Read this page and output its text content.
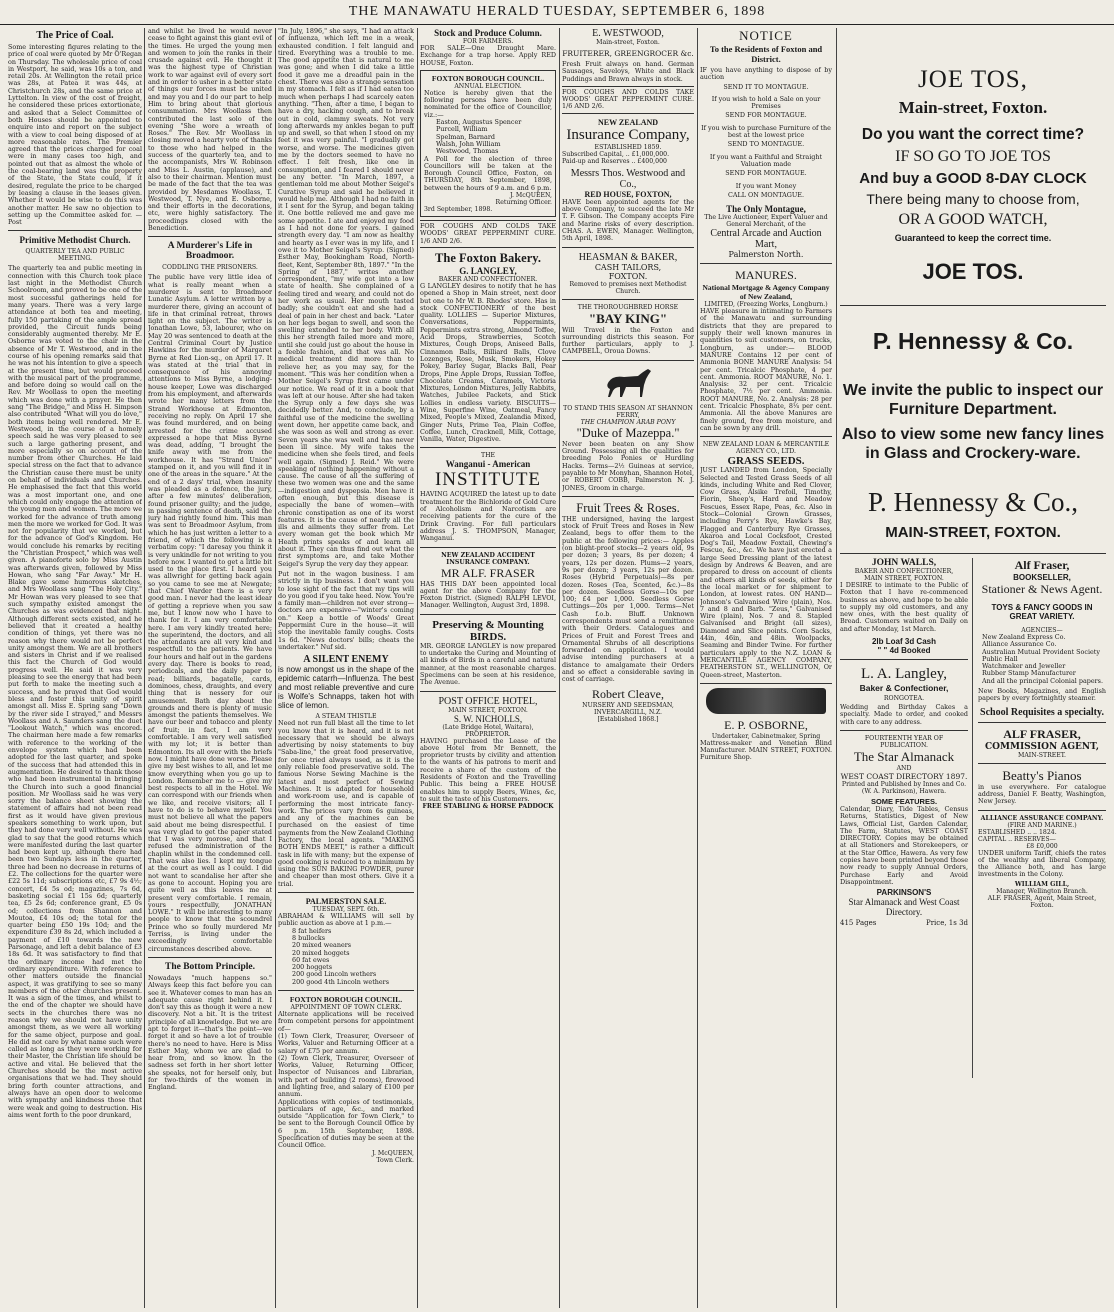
THE MANAWATU HERALD TUESDAY, SEPTEMBER 6, 1898
The Price of Coal.
Some interesting figures relating to the price of coal were quoted by Mr O'Regan on Thursday. The wholesale price of coal in Westport, he said, was 10s a ton, and retail 20s. At Wellington the retail price was 28s, at Patea it was 44s, at Christchurch 28s, and the same price at Lyttelton. In view of the cost of freight, he considered these prices extortionate, and asked that a Select Committee of both Houses should be appointed to enquire into and report on the subject with a view to coal being disposed of at more reasonable rates. The Premier agreed that the prices charged for coal were in many cases too high, and pointed out that as almost the whole of the coal-bearing land was the property of the State, the State could, if it desired, regulate the price to be charged by leasing a clause in the leases given. Whether it would be wise to do this was another matter. He saw no objection to setting up the Committee asked for. —Post
Primitive Methodist Church.
QUARTERLY TEA AND PUBLIC MEETING.
The quarterly tea and public meeting in connection with this Church took place last night in the Methodist Church Schoolroom, and proved to be one of the most successful gatherings held for many years. There was a very large attendance at both tea and meeting, fully 150 partaking of the ample spread provided, the Circuit funds being considerably augmented thereby. Mr E. Osborne was voted to the chair in the absence of Mr T. Westwood, and in the course of his opening remarks said that he was not his intention to give a speech at the present time, but would proceed with the musical part of the programme, and before doing so would call on the Rev. Mr Woollass to open the meeting which was done with a prayer. He then sang "The Bridge," and Miss H. Simpson also contributed "What will you do love," both items being well rendered. Mr E. Westwood, in the course of a homely speech said he was very pleased to see such a large gathering present, and more especially so on account of the number from other Churches. He laid special stress on the fact that to advance the Christian cause there must be unity on behalf of individuals and Churches. He emphasised the fact that this world was a most important one, and one which could only engage the attention of the young men and women. The more we worked for the advance of truth among men the more we worked for God. It was not for popularity that we worked, but for the advance of God's Kingdom. He would conclude his remarks by reciting the "Christian Prospect," which was well given. A pianoforte solo by Miss Austin was afterwards given, followed by Miss Howan, who sang "Far Away." Mr H. Blake gave some humorous sketches, and Mrs Woollass sang "The Holy City." Mr Howan was very pleased to see that such sympathy existed amongst the Churches as was evidenced that night. Although different sects existed, and he believed that it created a healthy condition of things, yet there was no reason why there would not be perfect unity amongst them. We are all brothers and sisters in Christ and if we realised this fact the Church of God would progress well. He said it was very pleasing to see the energy that had been put forth to make the meeting such a success, and he prayed that God would bless and foster this unity of spirit amongst all. Miss E. Spring sang "Down by the river side I strayed," and Messrs Woollass and A. Saunders sang the duet "Lookout Watch," which was encored. The chairman here made a few remarks with reference to the working of the envelope system which had been adopted for the last quarter, and spoke of the success that had attended this in augmentation. He desired to thank those who had been instrumental in bringing the Church into such a good financial position. Mr Woollass said he was very sorry the balance sheet showing the statement of affairs had not been read first as it would have given previous speakers something to work upon, but they had done very well without. He was glad to say that the good returns which were manifested during the last quarter had been kept up, although there had been two Sundays less in the quarter, three had been no decrease in returns of £2. The collections for the quarter were £22 5s 11d; subscriptions etc, £7 9s 4½; concert, £4 5s od; magazines, 7s 6d, basketing social £1 15s 6d; quarterly tea, £5 2s 6d; conference grant, £5 0s od; collections from Shannon and Moutoa, £4 10s od; the total for the quarter being £50 19s 10d; and the expenditure £39 8s 2d, which included a payment of £10 towards the new Parsonage, and left a debit balance of £3 18s 6d. It was satisfactory to find that the ordinary income had met the ordinary expenditure. With reference to other matters outside the financial aspect, it was gratifying to see so many members of the other churches present. It was a sign of the times, and whilst to the end of the chapter we should have sects in the churches there was no reason why we should not have unity amongst them, as we were all working for the same object, purpose and goal. He did not care by what name such were called as long as they were working for their Master, the Christian life should be active and vital. He believed that the Churches should be the most active organisations that we had. They should bring forth counter attractions, and always have an open door to welcome with sympathy and kindness those that were weak and going to destruction. His aims went forth to the poor drunkard,
and whilst he lived he would never cease to fight against this giant evil of the times. He urged the young men and women to join the ranks in their crusade against evil. He thought it was the highest type of Christian work to war against evil of every sort and in order to usher in a better state of things our forces must be united and may you and I do our part to help Him to bring about that glorious consummation. Mrs Woollass then contributed the last solo of the evening "She wore a wreath of Roses." The Rev. Mr Woollass in closing moved a hearty vote of thanks to those who had helped in the success of the quarterly tea, and to the accompanists, Mrs W. Robinson and Miss L. Austin, (applause), and also to their chairman. Mention must be made of the fact that the tea was provided by Mesdames Woollass, T. Westwood, T. Nye, and E. Osborne, and their efforts in the decorations, etc, were highly satisfactory. The proceedings closed with the Benediction.
A Murderer's Life in Broadmoor.
CODDLING THE PRISONERS.
The public have very little idea of what is really meant when a murderer is sent to Broadmoor Lunatic Asylum. A letter written by a murderer there, giving an account of life in that criminal retreat, throws light on the subject. The writer is Jonathan Lowe, 53, labourer, who on May 20 was sentenced to death at the Central Criminal Court by Justice Hawkins for the murder of Margaret Byrne at Red Lion-sq., on April 17. It was stated at the trial that in consequence of his annoying attentions to Miss Byrne, a lodging-house keeper, Lowe was discharged from his employment, and afterwards wrote her many letters from the Strand Workhouse at Edmonton, receiving no reply. On April 17 she was found murdered, and on being arrested for the crime accused expressed a hope that Miss Byrne was dead, adding, "I brought the knife away with me from the workhouse. It has "Strand Union" stamped on it, and you will find it in one of the areas in the square." At the end of a 2 days' trial, when insanity was pleaded as a defence, the jury, after a few minutes' deliberation, found prisoner guilty; and the judge, in passing sentence of death, said the jury had rightly found him. This man was sent to Broadmoor Asylum, from which he has just written a letter to a friend, of which the following is a verbatim copy: "I daresay you think it is very unkindle for not writing to you before now. I wanted to get a little bit used to the place first. I heard you was allwright for getting back again so you came to see me at Newgate; that Chief Warder there is a very good man. I never had the least idear of getting a reprieve when you saw me, but I know now who I have to thank for it. I am very comfortable here. I am very kindly treated here; the superintend, the doctors, and all the attendants are all very kind and respectfull to the patients. We have four hours and half out in the gardens every day. There is books to read, periodicals, and the daily paper to read; billiards, bagatelle, cards, dominoes, chess, draughts, and every thing that is nessery for our amusement. Bath day about the grounds and there is plenty of music amongst the patients themselves. We have our beer and tobacco and plenty of fruit; in fact, I am very comfortable. I am very well satisfied with my lot; it is better than Edmonton. Its all over with the briefs now. I might have done worse. Please give my best wishes to all, and let me know everything when you go up to London. Remember me to — give my best respects to all in the Hotel. We can correspond with our friends when we like, and receive visitors; all I have to do is to behave myself. You must not believe all what the papers said about me being disrespectful. I was very glad to get the paper stated that I was very morose, and that I refused the administration of the chaplin whilst in the condemned cell. That was also lies. I kept my tongue at the court as well as I could. I did not want to scandalise her after she as gone to account. Hoping you are quite well as this leaves me at present very comfortable. I remain, yours respectfully, JONATHAN LOWE." It will be interesting to many people to know that the scoundrel Prince who so foully murdered Mr Terriss, is living under the exceedingly comfortable circumstances described above.
The Bottom Principle.
Nowadays "much happens so." Always keep this fact before you can see it. Whatever comes to man has an adequate cause right behind it. I don't say this as though it were a new discovery. Not a bit. It is the tritest principle of all knowledge. But we are apt to forget it—that's the point—we forget it and so have a lot of trouble there's no need to have. Here is Miss Esther May, whom we are glad to hear from, and so know. In the sadness set forth in her short letter she speaks, not for herself only, but for two-thirds of the women in England.
"In July, 1896," she says, "I had an attack of influenza, which left me in a weak, exhausted condition. I felt languid and tired. Everything was a trouble to me. The good appetite that is natural to me was gone; and when I did take a little food it gave me a dreadful pain in the chest. There was also a strange sensation in my stomach. I felt as if I had eaten too much when perhaps I had scarcely eaten anything. "Then, after a time, I began to have a dry, hacking cough, and to break out in cold, clammy sweats. Not very long afterwards my ankles began to puff up and swell, so that when I stood on my feet it was very painful. "I gradually got worse, and worse. The medicines given me by the doctors seemed to have no effect. I felt fresh, like one in consumption, and I feared I should never be any better. "In March, 1897, a gentleman told me about Mother Seigel's Curative Syrup and said he believed it would help me. Although I had no faith in it I sent for the Syrup, and began taking it. One bottle relieved me and gave me some appetite. I ate and enjoyed my food as I had not done for years. I gained strength every day. "I am now as healthy and hearty as I ever was in my life, and I owe it to Mother Seigel's Syrup. (Signed) Esther May, Bookingham Road, North-fleet, Kent, September 8th, 1897." "In the Spring of 1887," writes another correspondent, "my wife got into a low state of health. She complained of a feeling tired and weary, and could not do her work as usual. Her mouth tasted badly; she couldn't eat and she had a deal of pain in her chest and back. "Later on her legs began to swell, and soon the swelling extended to her body. With all this her strength failed more and more, until she could just go about the house in a feeble fashion, and that was all. No medical treatment did more than to relieve her, as you may say, for the moment. "This was her condition when a Mother Seigel's Syrup first came under our notice. We read of it in a book that was left at our house. After she had taken the Syrup only a few days she was decidedly better. And, to conclude, by a faithful use of the medicine the swelling went down, her appetite came back, and she was soon as well and strong as ever. Seven years she was well and has never been ill since. My wife takes the medicine when she feels tired, and feels well again. (Signed) J. Reid." We were speaking of nothing happening without a cause. The cause of all the suffering of these two women was one and the same—indigestion and dyspepsia. Men have it often enough, but this disease is especially the bane of women—with chronic constipation as one of its worst features. It is the cause of nearly all the ills and ailments they suffer from. Let every woman get the book which Mr Heath prints speaks of and learn all about it. They can thus find out what the first symptoms are, and take Mother Seigel's Syrup the very day they appear.
Put not in the wagon business. I am strictly in tip business. I don't want you to lose sight of the fact that my tips will do you good if you take heed. Now. You're a family man—children not ever strong—doctors are expensive—"winter's coming on." Keep a bottle of Woods' Great Peppermint Cure in the house—it will stop the inevitable family coughs. Costs 1s 6d. "News doctors' bills; cheats the undertaker." Nuf sid.
A SILENT ENEMY
is now amongst us in the shape of the epidemic catarrh—Influenza. The best and most reliable preventive and cure is Wolfe's Schnapps, taken hot with slice of lemon.
A STEAM THISTLE
Need not run full blast all the time to let you know that it is heard, and it is not necessary that we should be always advertising by noisy statements to buy "Saba-line," the great food preservative, for once tried always used, as it is the only reliable food preservative sold. The famous Norse Sewing Machine is the latest and most perfect of Sewing Machines. It is adapted for household and work-room use, and is capable of performing the most intricate fancy-work. The prices vary from 6s guineas, and any of the machines can be purchased on the easiest of time payments from the New Zealand Clothing Factory, the local agents. "MAKING BOTH ENDS MEET," is rather a difficult task in life with many; but the expense of good cooking is reduced to a minimum by using the SUN BAKING POWDER, purer and cheaper than most others. Give it a trial.
PALMERSTON SALE.
TUESDAY, SEPT. 6th.
ABRAHAM & WILLIAMS will sell by public auction as above at 1 p.m.—
8 fat heifers
8 bullocks
20 mixed weaners
20 mixed hoggets
60 fat ewes
200 hoggets
200 good Lincoln wethers
200 good 4th Lincoln wethers
FOXTON BOROUGH COUNCIL.
APPOINTMENT OF TOWN CLERK.
Alternate applications will be received from competent persons for appointment of—
(1) Town Clerk, Treasurer, Overseer of Works, Valuer and Returning Officer at a salary of £75 per annum.
(2) Town Clerk, Treasurer, Overseer of Works, Valuer, Returning Officer, Inspector of Nuisances and Librarian, with part of building (2 rooms), firewood and lighting free, and salary of £100 per annum.
Applications with copies of testimonials, particulars of age, &c., and marked outside "Application for Town Clerk," to be sent to the Borough Council Office by 6 p.m. 15th September, 1898. Specification of duties may be seen at the Council Office.
J. McQUEEN,
Town Clerk.
Stock and Produce Column.
FOR FARMERS.
FOR SALE—One Draught Mare. Exchange for a trap horse. Apply RED HOUSE, Foxton.
FOXTON BOROUGH COUNCIL.
ANNUAL ELECTION.
Notice is hereby given that the following persons have been duly nominated for the office of Councillor, viz.:—
Easton, Augustus Spencer
Purcell, William
Spelman, Barnard
Walsh, John William
Westwood, Thomas
A Poll for the election of three Councillors will be taken at the Borough Council Office, Foxton, on THURSDAY, 8th September, 1898, between the hours of 9 a.m. and 6 p.m.
J. McQUEEN,
Returning Officer.
3rd September, 1898.
FOR COUGHS AND COLDS TAKE WOODS' GREAT PEPPERMINT CURE. 1/6 AND 2/6.
The Foxton Bakery.
G. LANGLEY,
BAKER AND CONFECTIONER.
G LANGLEY desires to notify that he has opened a Shop in Main street, next door but one to Mr W. B. Rhodes' store. Has in stock CONFECTIONERY of the best quality. LOLLIES — Superior Mixtures, Conversations, Peppermints, Peppermints extra strong, Almond Toffee, Acid Drops, Strawberries, Scotch Mixtures, Cough Drops, Aniseed Balls, Cinnamon Balls, Billiard Balls, Clove Lozenges, Rose, Musk, Smokers, Hokey Pokey, Barley Sugar, Blacks Ball, Pear Drops, Pine Apple Drops, Russian Toffee, Chocolate Creams, Caramels, Victoria Mixtures, London Mixtures, Jelly Rabbits, Watches, Jubilee Packets, and Stick Lollies in endless variety. BISCUITS—Wine, Superfine Wine, Oatmeal, Fancy Mixed, People's Mixed, Zealandia Mixed, Ginger Nuts, Prime Tea, Plain Coffee, Coffee, Lunch, Cracknell, Milk, Cottage, Vanilla, Water, Digestive.
THE
Wanganui - American
INSTITUTE
HAVING ACQUIRED the latest up to date treatment for the Bichloride of Gold Cure of Alcoholism and Narcotism are receiving patients for the cure of the Drink Craving. For full particulars address J. S. THOMPSON, Manager, Wanganui.
NEW ZEALAND ACCIDENT INSURANCE COMPANY.
MR ALF. FRASER
HAS THIS DAY been appointed local agent for the above Company for the Foxton District. (Signed) RALPH LEVOI, Manager. Wellington, August 3rd, 1898.
Preserving & Mounting BIRDS.
MR. GEORGE LANGLEY is now prepared to undertake the Curing and Mounting of all kinds of Birds in a careful and natural manner, at the most reasonable charges. Specimens can be seen at his residence, The Avenue.
POST OFFICE HOTEL,
MAIN STREET, FOXTON.
S. W. NICHOLLS,
(Late Bridge Hotel, Waitara), PROPRIETOR.
HAVING purchased the Lease of the above Hotel from Mr Bennett, the proprietor trusts by civility and attention to the wants of his patrons to merit and receive a share of the custom of the Residents of Foxton and the Travelling Public. This being a FREE HOUSE enables him to supply Beers, Wines, &c, to suit the taste of his Customers.
FREE STABLING & HORSE PADDOCK
E. WESTWOOD,
Main-street, Foxton.
FRUITERER, GREENGROCER &c.
Fresh Fruit always on hand. German Sausages, Saveloys, White and Black Puddings and Brawn always in stock.
FOR COUGHS AND COLDS TAKE WOODS' GREAT PEPPERMINT CURE. 1/6 AND 2/6.
NEW ZEALAND
Insurance Company,
ESTABLISHED 1859.
Subscribed Capital, .. £1,000,000.
Paid-up and Reserves .. £400,000
Messrs Thos. Westwood and Co.,
RED HOUSE, FOXTON,
HAVE been appointed agents for the above Company, to succeed the late Mr T. F. Gibson. The Company accepts Fire and Marine risks of every description. CHAS. A. EWEN, Manager. Wellington, 5th April, 1898.
HEASMAN & BAKER,
CASH TAILORS,
FOXTON.
Removed to premises next Methodist Church.
THE THOROUGHBRED HORSE
"BAY KING"
Will Travel in the Foxton and surrounding districts this season. For further particulars, apply to J. CAMPBELL, Oroua Downs.
TO STAND THIS SEASON AT SHANNON FERRY,
THE CHAMPION ARAB PONY
"Duke of Mazeppa."
Never been beaten on any Show Ground. Possessing all the qualities for breeding Polo Ponies or Hurdling Hacks. Terms—2½ Guineas at service, payable to Mr Monyhan, Shannon Hotel, or ROBERT COBB, Palmerston N. J. JONES, Groom in charge.
Fruit Trees & Roses.
THE undersigned, having the largest stock of Fruit Trees and Roses in New Zealand, begs to offer them to the public at the following prices:— Apples (on blight-proof stocks—2 years old, 9s per dozen; 3 years, 8s per dozen; 4 years, 12s per dozen. Plums—2 years, 9s per dozen; 3 years, 12s per dozen. Roses (Hybrid Perpetuals)—8s per dozen. Roses (Tea, Scented, &c.)—8s per dozen. Seedless Gorse—10s per 100; £4 per 1,000. Seedless Gorse Cuttings—20s per 1,000. Terms—Net Cash f.o.b. Bluff. Unknown correspondents must send a remittance with their Orders. Catalogues and Prices of Fruit and Forest Trees and Ornamental Shrubs of all descriptions forwarded on application. I would advise intending purchasers at a distance to amalgamate their Orders and so effect a considerable saving in cost of carriage.
Robert Cleave,
NURSERY AND SEEDSMAN,
INVERCARGILL, N.Z.
[Established 1868.]
NOTICE
To the Residents of Foxton and District.
IF you have anything to dispose of by auction
SEND IT TO MONTAGUE.
If you wish to hold a Sale on your Premises
SEND FOR MONTAGUE.
If you wish to purchase Furniture of the best at the lowest price
SEND TO MONTAGUE.
If you want a Faithful and Straight Valuation made
SEND FOR MONTAGUE.
If you want Money
CALL ON MONTAGUE.
The Only Montague,
The Live Auctioneer, Expert Valuer and General Merchant, of the
Central Arcade and Auction Mart,
Palmerston North.
MANURES.
National Mortgage & Agency Company of New Zealand,
LIMITED, (Freezing Works, Longburn.)
HAVE pleasure in intimating to Farmers of the Manawatu and surrounding districts that they are prepared to supply their well known manures in quantities to suit customers, on trucks, Longburn, as under:— BLOOD MANURE Contains 12 per cent of Ammonia BONE MANURE Analysis: 54 per cent. Tricalcic Phosphate, 4 per cent. Ammonia. ROOT MANURE, No. 1. Analysis: 32 per cent. Tricalcic Phosphate, 7½ per cent. Ammonia. ROOT MANURE, No. 2. Analysis: 28 per cent. Tricalcic Phosphate, 8¼ per cent. Ammonia. All the above Manures are finely ground, free from moisture, and can be sown by any drill.
NEW ZEALAND LOAN & MERCANTILE AGENCY CO., LTD.
GRASS SEEDS.
JUST LANDED from London, Specially Selected and Tested Grass Seeds of all kinds, including White and Red Clover, Cow Grass, Alsike Trefoil, Timothy, Fiorin, Sheep's, Hard and Meadow Fescues, Essex Rape, Peas, &c. Also in Stock—Colonial Grown Grasses, including Perry's Rye, Hawke's Bay, Flagged and Canterbury Rye Grasses, Akaroa and Local Cocksfoot, Crested Dog's Tail, Meadow Foxtail, Chewing's Fescue, &c., &c. We have just erected a large Seed Dressing plant of the latest design by Andrews & Beaven, and are prepared to dress on account of clients and others all kinds of seeds, either for the local market or for shipment to London, at lowest rates. ON HAND— Johnson's Galvanised Wire (plain), Nos. 7 and 8 and Barb. "Zeus," Galvanised Wire (plain), Nos. 7 and 8. Stapled Galvanised and Bright (all sizes), Diamond and Slice points. Corn Sacks, 44in, 46in, and 48in. Woolpacks, Seaming and Binder Twine. For further particulars apply to the N.Z. LOAN & MERCANTILE AGENCY COMPANY, FEATHERSTON ST., WELLINGTON, Or Queen-street, Masterton.
E. P. OSBORNE,
Undertaker, Cabinetmaker, Spring
Mattress-maker and Venetian Blind Manufacturer. MAIN STREET, FOXTON. Furniture Shop.
JOE TOS,
Main-street, Foxton.
Do you want the correct time?
IF SO GO TO JOE TOS
And buy a GOOD 8-DAY CLOCK
There being many to choose from,
OR A GOOD WATCH,
Guaranteed to keep the correct time.
JOE TOS.
P. Hennessy & Co.
We invite the public to inspect our Furniture Department.
Also to view some new fancy lines in Glass and Crockery-ware.
P. Hennessy & Co.,
MAIN-STREET, FOXTON.
JOHN WALLS,
BAKER AND CONFECTIONER,
MAIN STREET, FOXTON.
I DESIRE to intimate to the Public of Foxton that I have re-commenced business as above, and hope to be able to supply my old customers, and any new ones, with the best quality of Bread. Customers waited on Daily on and after Monday, 1st March.
2lb Loaf 3d Cash
" " 4d Booked
L. A. Langley,
Baker & Confectioner,
RONGOTEA.
Wedding and Birthday Cakes a specialty. Made to order, and cooked with care to any address.
FOURTEENTH YEAR OF PUBLICATION.
The Star Almanack
AND
WEST COAST DIRECTORY 1897.
Printed and Published by Innes and Co. (W. A. Parkinson), Hawera.
SOME FEATURES.
Calendar, Diary, Tide Tables, Census Returns, Statistics, Digest of New Laws, Official List, Garden Calendar, The Farm, Statutes, WEST COAST DIRECTORY. Copies may be obtained at all Stationers and Storekeepers, or at the Star Office, Hawera. As very few copies have been printed beyond those now ready to supply Annual Orders, Purchase Early and Avoid Disappointment.
PARKINSON'S
Star Almanack and West Coast Directory.
415 Pages	Price, 1s 3d
Alf Fraser,
BOOKSELLER,
Stationer & News Agent.
TOYS & FANCY GOODS IN GREAT VARIETY.
AGENCIES—
New Zealand Express Co.
Alliance Assurance Co.
Australian Mutual Provident Society
Public Hall
Watchmaker and Jeweller
Rubber Stamp Manufacturer
And all the principal Colonial papers.
New Books, Magazines, and English papers by every fortnightly steamer.
School Requisites a specialty.
ALF FRASER,
COMMISSION AGENT,
MAIN-STREET.
Beatty's Pianos
in use everywhere. For catalogue address, Daniel F. Beatty, Washington, New Jersey.
ALLIANCE ASSURANCE COMPANY.
(FIRE AND MARINE.)
ESTABLISHED .. .. 1824.
CAPITAL .. RESERVES—
£8 £0,000
UNDER uniform Tariff, chiefs the rates of the wealthy and liberal Company, the Alliance both, and has large investments in the Colony.
WILLIAM GILL,
Manager, Wellington Branch.
ALF. FRASER, Agent, Main Street, Foxton.
